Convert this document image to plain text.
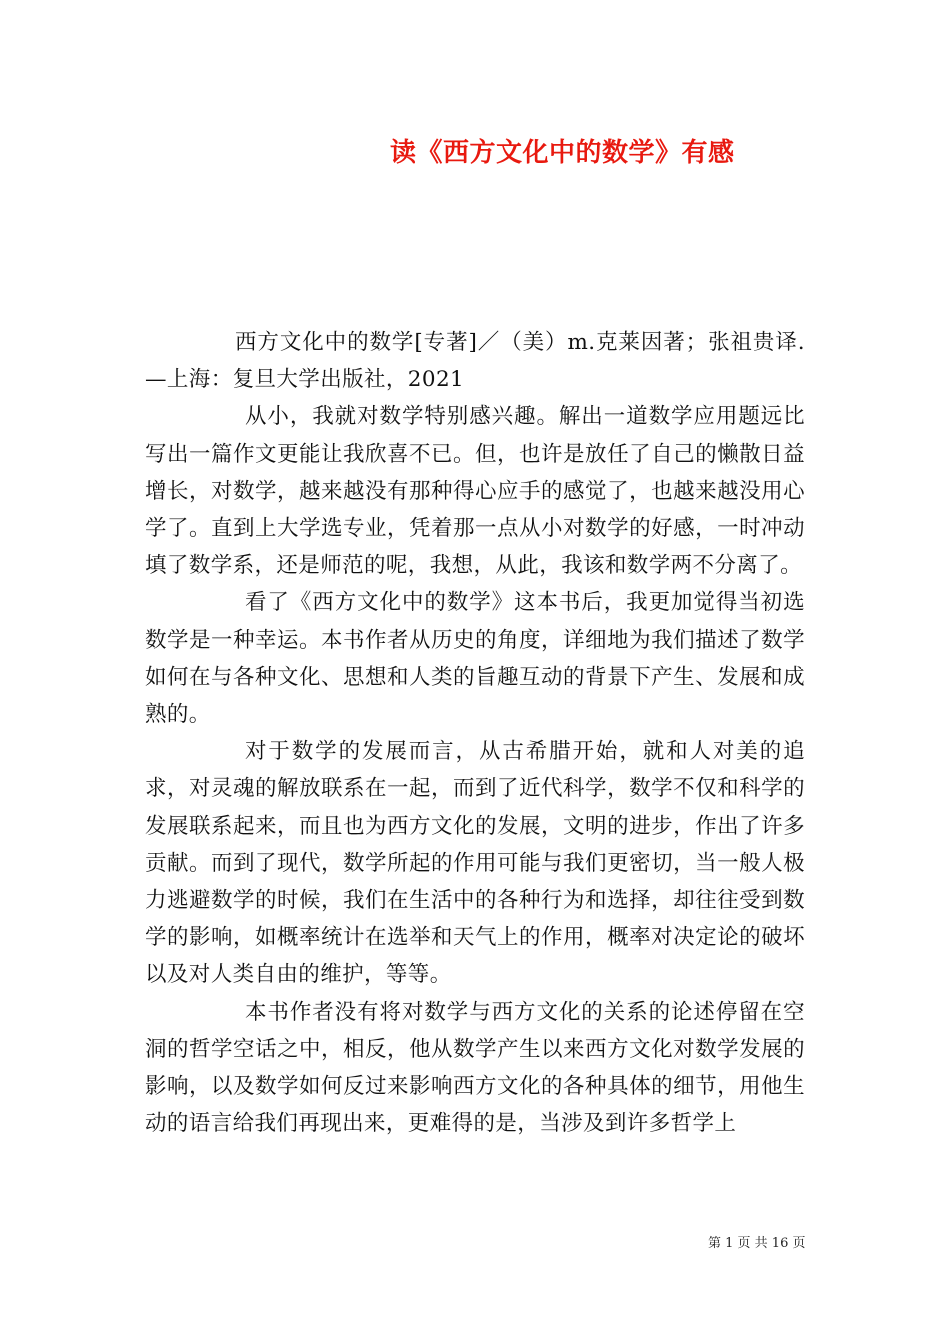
读《西方文化中的数学》有感

西方文化中的数学[专著]／（美）m.克莱因著；张祖贵译.—上海：复旦大学出版社，2021

从小，我就对数学特别感兴趣。解出一道数学应用题远比写出一篇作文更能让我欣喜不已。但，也许是放任了自己的懒散日益增长，对数学，越来越没有那种得心应手的感觉了，也越来越没用心学了。直到上大学选专业，凭着那一点从小对数学的好感，一时冲动填了数学系，还是师范的呢，我想，从此，我该和数学两不分离了。

看了《西方文化中的数学》这本书后，我更加觉得当初选数学是一种幸运。本书作者从历史的角度，详细地为我们描述了数学如何在与各种文化、思想和人类的旨趣互动的背景下产生、发展和成熟的。

对于数学的发展而言，从古希腊开始，就和人对美的追求，对灵魂的解放联系在一起，而到了近代科学，数学不仅和科学的发展联系起来，而且也为西方文化的发展，文明的进步，作出了许多贡献。而到了现代，数学所起的作用可能与我们更密切，当一般人极力逃避数学的时候，我们在生活中的各种行为和选择，却往往受到数学的影响，如概率统计在选举和天气上的作用，概率对决定论的破坏以及对人类自由的维护，等等。

本书作者没有将对数学与西方文化的关系的论述停留在空洞的哲学空话之中，相反，他从数学产生以来西方文化对数学发展的影响，以及数学如何反过来影响西方文化的各种具体的细节，用他生动的语言给我们再现出来，更难得的是，当涉及到许多哲学上

第 1 页 共 16 页
